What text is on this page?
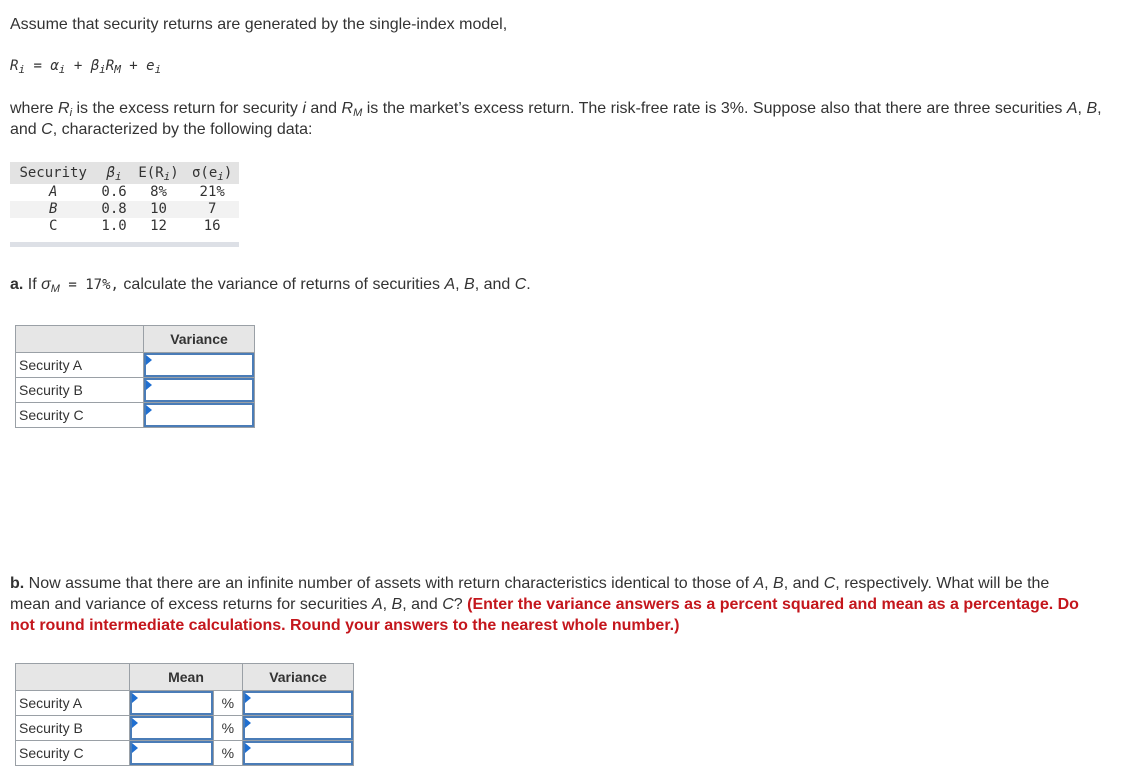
Assume that security returns are generated by the single-index model,
$R_i = \alpha_i + \beta_iR_M + e_i$
where $R_i$ is the excess return for security i and $R_M$ is the market’s excess return. The risk-free rate is 3%. Suppose also that there are three securities A, B, and C, characterized by the following data:
Security	$\beta_i$	$E(R_i)$	$\sigma(e_i)$
A	0.6	8%	21%
B	0.8	10	7
C	1.0	12	16
a. If $\sigma_M = 17\%$, calculate the variance of returns of securities A, B, and C.
	Variance
Security A	

Security B	

Security C	
b. Now assume that there are an infinite number of assets with return characteristics identical to those of A, B, and C, respectively. What will be the mean and variance of excess returns for securities A, B, and C? (Enter the variance answers as a percent squared and mean as a percentage. Do not round intermediate calculations. Round your answers to the nearest whole number.)
	Mean		Variance
Security A		%	

Security B		%	

Security C		%	
